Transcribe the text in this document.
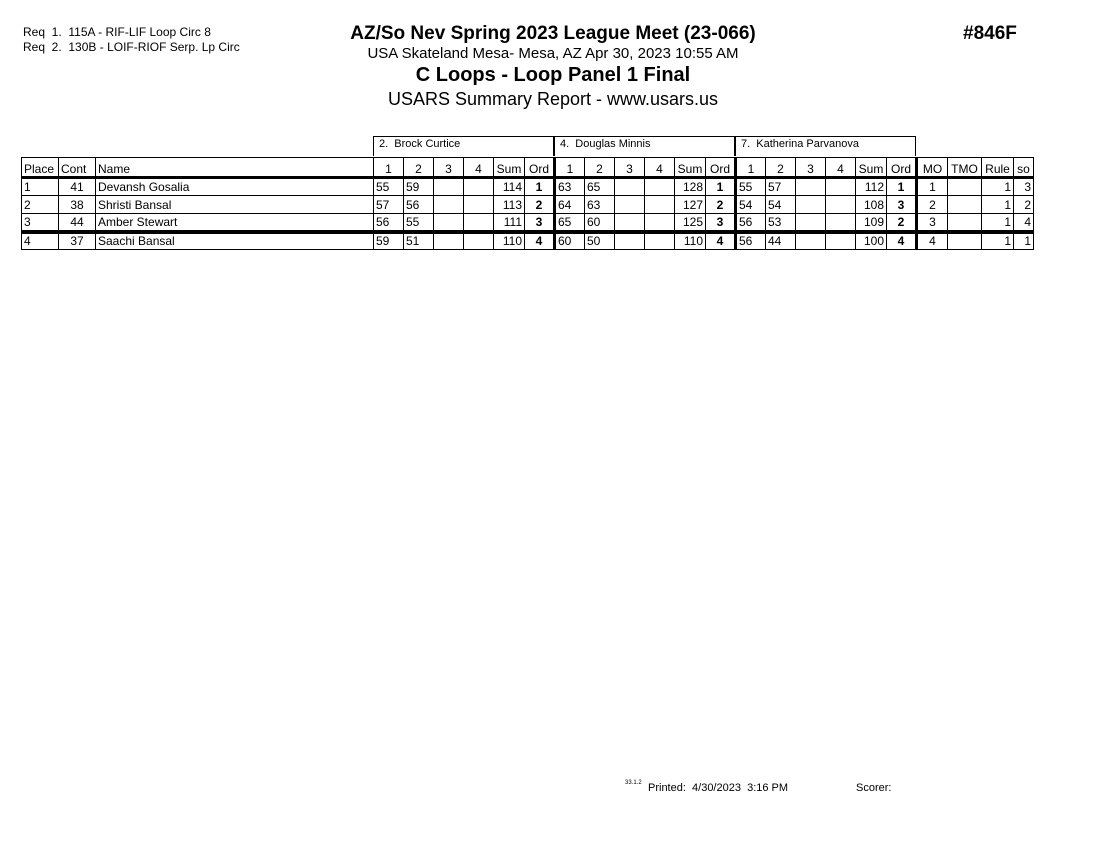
Req  1. 115A - RIF-LIF Loop Circ 8
Req  2. 130B - LOIF-RIOF Serp. Lp Circ
AZ/So Nev Spring 2023 League Meet (23-066)
USA Skateland Mesa- Mesa, AZ Apr 30, 2023 10:55 AM
C Loops - Loop Panel 1 Final
USARS Summary Report - www.usars.us
#846F
2.  Brock Curtice	4.  Douglas Minnis	7.  Katherina Parvanova
Place	Cont	Name	1	2	3	4	Sum	Ord	1	2	3	4	Sum	Ord	1	2	3	4	Sum	Ord	MO	TMO	Rule	so
1	41	Devansh Gosalia	55	59			114	1	63	65			128	1	55	57			112	1	1		1	3
2	38	Shristi Bansal	57	56			113	2	64	63			127	2	54	54			108	3	2		1	2
3	44	Amber Stewart	56	55			111	3	65	60			125	3	56	53			109	2	3		1	4
4	37	Saachi Bansal	59	51			110	4	60	50			110	4	56	44			100	4	4		1	1
33.1.2 Printed:  4/30/2023  3:16 PM	Scorer:
